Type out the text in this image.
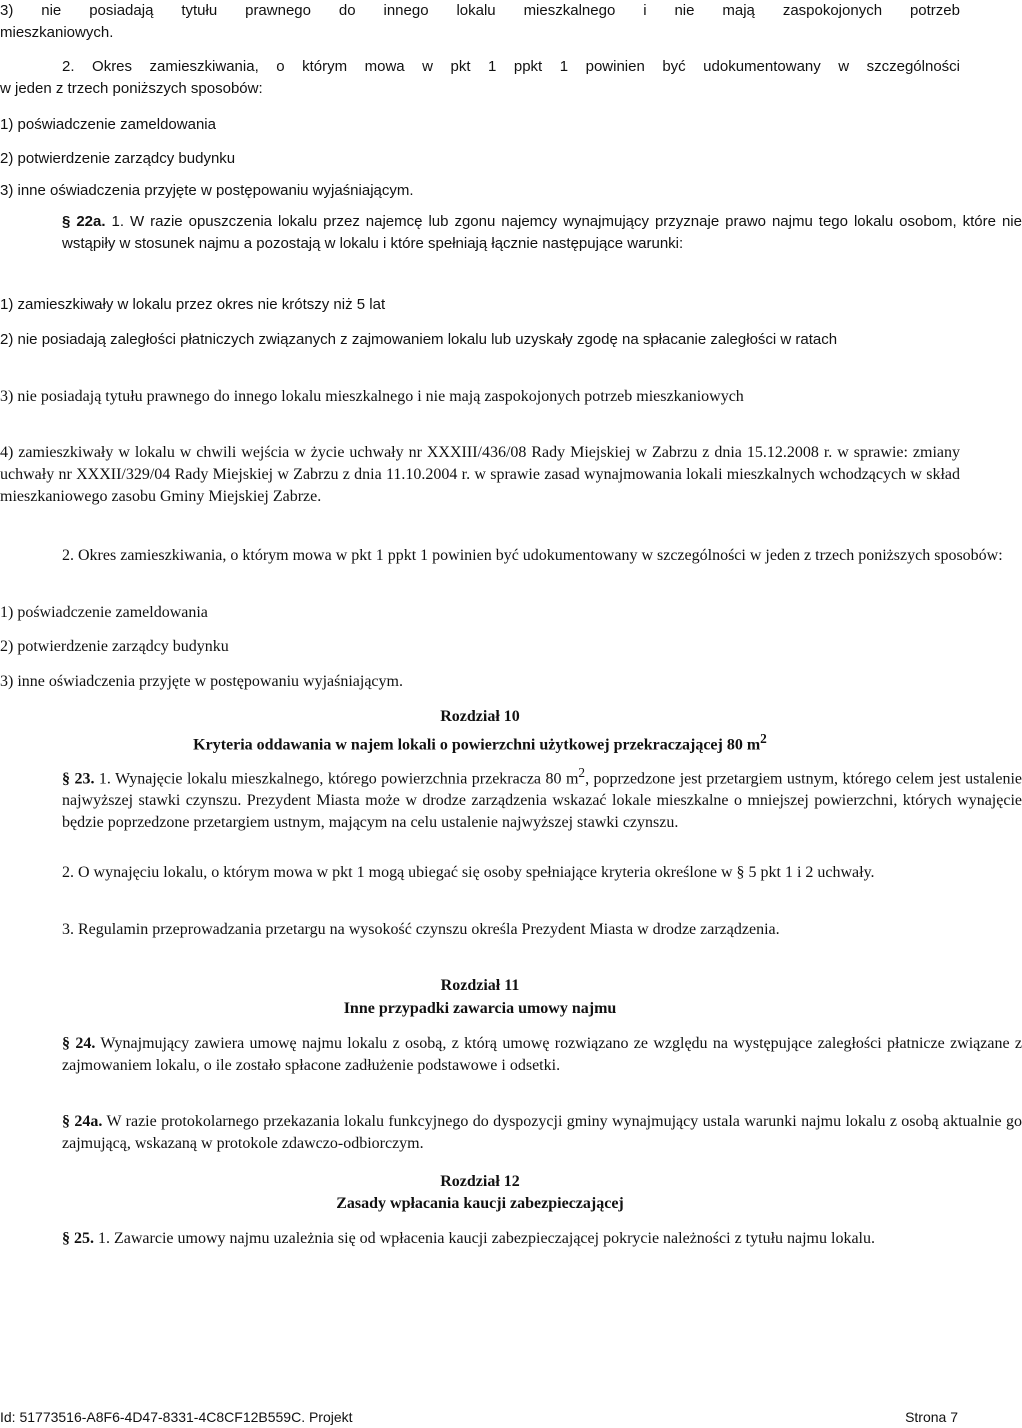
3) nie posiadają tytułu prawnego do innego lokalu mieszkalnego i nie mają zaspokojonych potrzeb

mieszkaniowych.

2. Okres zamieszkiwania, o którym mowa w pkt 1 ppkt 1 powinien być udokumentowany w szczególności

w jeden z trzech poniższych sposobów:

1) poświadczenie zameldowania

2) potwierdzenie zarządcy budynku

3) inne oświadczenia przyjęte w postępowaniu wyjaśniającym.

§ 22a. 1. W razie opuszczenia lokalu przez najemcę lub zgonu najemcy wynajmujący przyznaje prawo najmu tego lokalu osobom, które nie wstąpiły w stosunek najmu a pozostają w lokalu i które spełniają łącznie następujące warunki:

1) zamieszkiwały w lokalu przez okres nie krótszy niż 5 lat

2) nie posiadają zaległości płatniczych związanych z zajmowaniem lokalu lub uzyskały zgodę na spłacanie zaległości w ratach

3) nie posiadają tytułu prawnego do innego lokalu mieszkalnego i nie mają zaspokojonych potrzeb mieszkaniowych

4) zamieszkiwały w lokalu w chwili wejścia w życie uchwały nr XXXIII/436/08 Rady Miejskiej w Zabrzu z dnia 15.12.2008 r. w sprawie: zmiany uchwały nr XXXII/329/04 Rady Miejskiej w Zabrzu z dnia 11.10.2004 r. w sprawie zasad wynajmowania lokali mieszkalnych wchodzących w skład mieszkaniowego zasobu Gminy Miejskiej Zabrze.

2. Okres zamieszkiwania, o którym mowa w pkt 1 ppkt 1 powinien być udokumentowany w szczególności w jeden z trzech poniższych sposobów:

1) poświadczenie zameldowania

2) potwierdzenie zarządcy budynku

3) inne oświadczenia przyjęte w postępowaniu wyjaśniającym.

Rozdział 10

Kryteria oddawania w najem lokali o powierzchni użytkowej przekraczającej 80 $m^2$

§ 23. 1. Wynajęcie lokalu mieszkalnego, którego powierzchnia przekracza 80 $m^2$, poprzedzone jest przetargiem ustnym, którego celem jest ustalenie najwyższej stawki czynszu. Prezydent Miasta może w drodze zarządzenia wskazać lokale mieszkalne o mniejszej powierzchni, których wynajęcie będzie poprzedzone przetargiem ustnym, mającym na celu ustalenie najwyższej stawki czynszu.

2. O wynajęciu lokalu, o którym mowa w pkt 1 mogą ubiegać się osoby spełniające kryteria określone w § 5 pkt 1 i 2 uchwały.

3. Regulamin przeprowadzania przetargu na wysokość czynszu określa Prezydent Miasta w drodze zarządzenia.

Rozdział 11

Inne przypadki zawarcia umowy najmu

§ 24. Wynajmujący zawiera umowę najmu lokalu z osobą, z którą umowę rozwiązano ze względu na występujące zaległości płatnicze związane z zajmowaniem lokalu, o ile zostało spłacone zadłużenie podstawowe i odsetki.

§ 24a. W razie protokolarnego przekazania lokalu funkcyjnego do dyspozycji gminy wynajmujący ustala warunki najmu lokalu z osobą aktualnie go zajmującą, wskazaną w protokole zdawczo-odbiorczym.

Rozdział 12

Zasady wpłacania kaucji zabezpieczającej

§ 25. 1. Zawarcie umowy najmu uzależnia się od wpłacenia kaucji zabezpieczającej pokrycie należności z tytułu najmu lokalu.

Id: 51773516-A8F6-4D47-8331-4C8CF12B559C. Projekt	Strona 7
